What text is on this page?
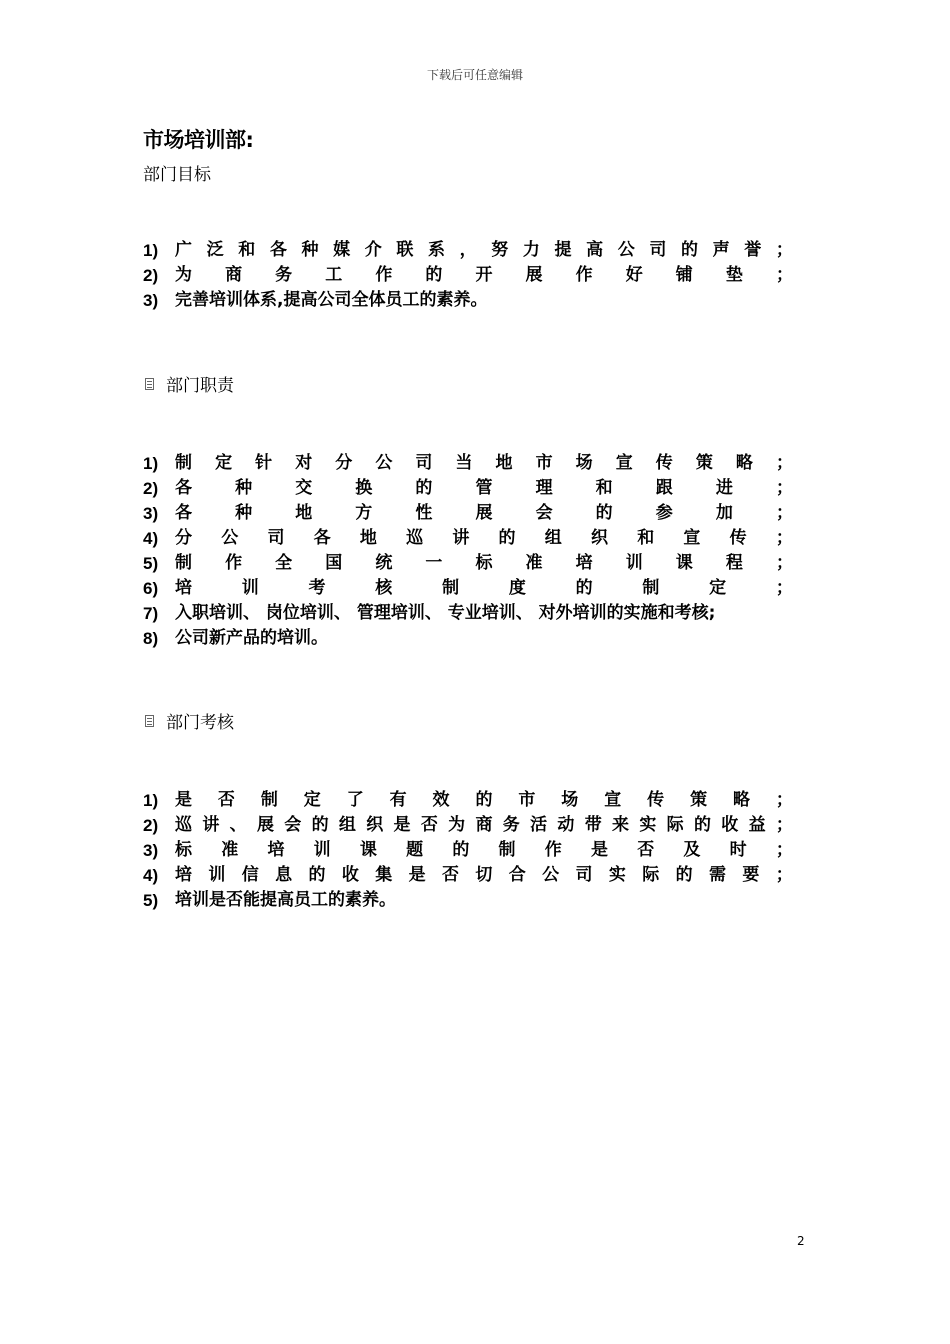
下载后可任意编辑
市场培训部:
部门目标
1) 广 泛 和 各 种 媒 介 联 系 ， 努 力 提 高 公 司 的 声 誉 ；
2) 为 商 务 工 作 的 开 展 作 好 铺 垫 ；
3) 完善培训体系,提高公司全体员工的素养。
部门职责
1) 制 定 针 对 分 公 司 当 地 市 场 宣 传 策 略 ；
2) 各	种	交	换	的	管	理	和	跟	进	；
3) 各	种	地	方	性	展	会	的	参	加	；
4) 分 公 司 各 地 巡 讲 的 组 织 和 宣 传 ；
5) 制 作 全 国 统 一 标 准 培 训 课 程 ；
6) 培	训	考	核	制	度	的	制	定	；
7) 入职培训、 岗位培训、 管理培训、 专业培训、 对外培训的实施和考核;
8) 公司新产品的培训。
部门考核
1) 是 否 制 定 了 有 效 的 市 场 宣 传 策 略 ；
2) 巡 讲 、 展 会 的 组 织 是 否 为 商 务 活 动 带 来 实 际 的 收 益 ；
3) 标 准 培 训 课 题 的 制 作 是 否 及 时 ；
4) 培 训 信 息 的 收 集 是 否 切 合 公 司 实 际 的 需 要 ；
5) 培训是否能提高员工的素养。
2
